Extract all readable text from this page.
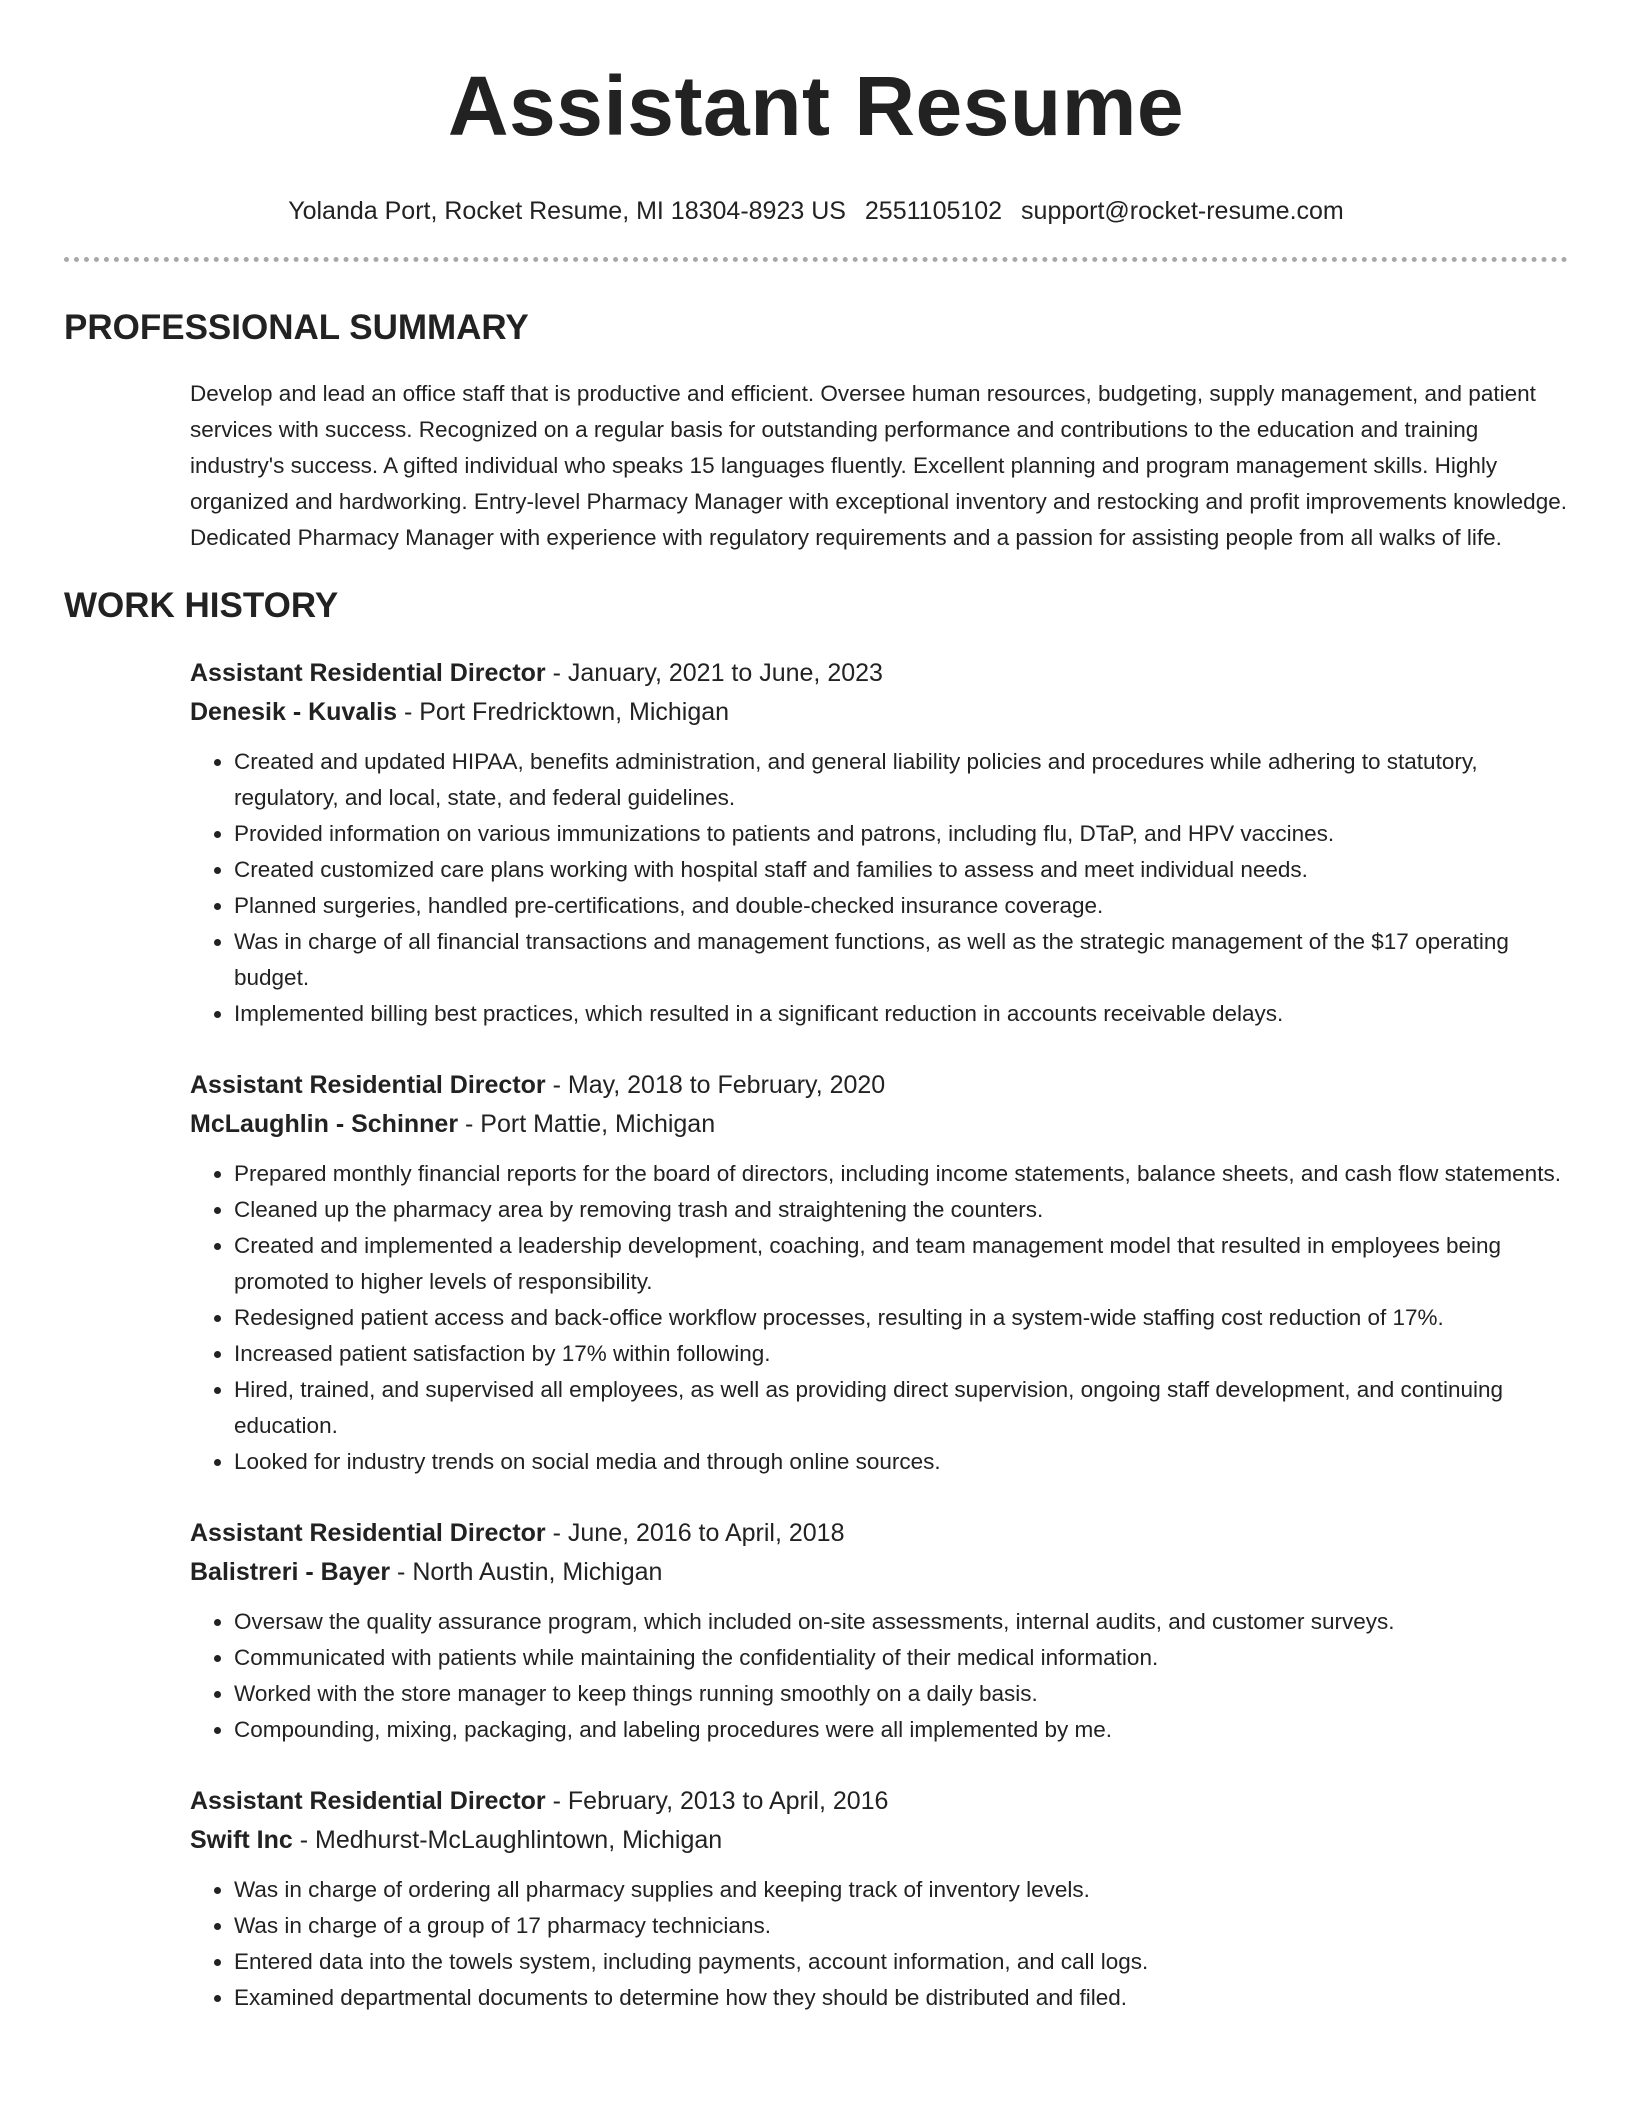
Assistant Resume
Yolanda Port, Rocket Resume, MI 18304-8923 US 2551105102 support@rocket-resume.com
PROFESSIONAL SUMMARY

Develop and lead an office staff that is productive and efficient. Oversee human resources, budgeting, supply management, and patient services with success. Recognized on a regular basis for outstanding performance and contributions to the education and training industry's success. A gifted individual who speaks 15 languages fluently. Excellent planning and program management skills. Highly organized and hardworking. Entry-level Pharmacy Manager with exceptional inventory and restocking and profit improvements knowledge. Dedicated Pharmacy Manager with experience with regulatory requirements and a passion for assisting people from all walks of life.

WORK HISTORY
Assistant Residential Director - January, 2021 to June, 2023
Denesik - Kuvalis - Port Fredricktown, Michigan
• Created and updated HIPAA, benefits administration, and general liability policies and procedures while adhering to statutory, regulatory, and local, state, and federal guidelines.
• Provided information on various immunizations to patients and patrons, including flu, DTaP, and HPV vaccines.
• Created customized care plans working with hospital staff and families to assess and meet individual needs.
• Planned surgeries, handled pre-certifications, and double-checked insurance coverage.
• Was in charge of all financial transactions and management functions, as well as the strategic management of the $17 operating budget.
• Implemented billing best practices, which resulted in a significant reduction in accounts receivable delays.
Assistant Residential Director - May, 2018 to February, 2020
McLaughlin - Schinner - Port Mattie, Michigan
• Prepared monthly financial reports for the board of directors, including income statements, balance sheets, and cash flow statements.
• Cleaned up the pharmacy area by removing trash and straightening the counters.
• Created and implemented a leadership development, coaching, and team management model that resulted in employees being promoted to higher levels of responsibility.
• Redesigned patient access and back-office workflow processes, resulting in a system-wide staffing cost reduction of 17%.
• Increased patient satisfaction by 17% within following.
• Hired, trained, and supervised all employees, as well as providing direct supervision, ongoing staff development, and continuing education.
• Looked for industry trends on social media and through online sources.
Assistant Residential Director - June, 2016 to April, 2018
Balistreri - Bayer - North Austin, Michigan
• Oversaw the quality assurance program, which included on-site assessments, internal audits, and customer surveys.
• Communicated with patients while maintaining the confidentiality of their medical information.
• Worked with the store manager to keep things running smoothly on a daily basis.
• Compounding, mixing, packaging, and labeling procedures were all implemented by me.
Assistant Residential Director - February, 2013 to April, 2016
Swift Inc - Medhurst-McLaughlintown, Michigan
• Was in charge of ordering all pharmacy supplies and keeping track of inventory levels.
• Was in charge of a group of 17 pharmacy technicians.
• Entered data into the towels system, including payments, account information, and call logs.
• Examined departmental documents to determine how they should be distributed and filed.
